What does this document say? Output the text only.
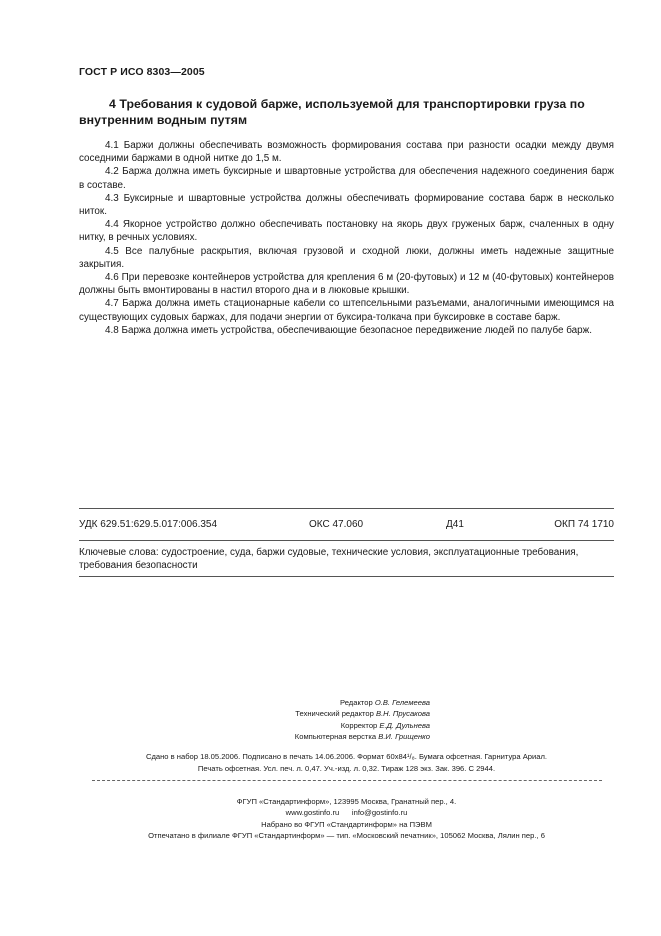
ГОСТ Р ИСО 8303—2005
4 Требования к судовой барже, используемой для транспортировки груза по внутренним водным путям

4.1 Баржи должны обеспечивать возможность формирования состава при разности осадки между двумя соседними баржами в одной нитке до 1,5 м.

4.2 Баржа должна иметь буксирные и швартовные устройства для обеспечения надежного соединения барж в составе.

4.3 Буксирные и швартовные устройства должны обеспечивать формирование состава барж в несколько ниток.

4.4 Якорное устройство должно обеспечивать постановку на якорь двух груженых барж, счаленных в одну нитку, в речных условиях.

4.5 Все палубные раскрытия, включая грузовой и сходной люки, должны иметь надежные защитные закрытия.

4.6 При перевозке контейнеров устройства для крепления 6 м (20-футовых) и 12 м (40-футовых) контейнеров должны быть вмонтированы в настил второго дна и в люковые крышки.

4.7 Баржа должна иметь стационарные кабели со штепсельными разъемами, аналогичными имеющимся на существующих судовых баржах, для подачи энергии от буксира-толкача при буксировке в составе барж.

4.8 Баржа должна иметь устройства, обеспечивающие безопасное передвижение людей по палубе барж.

УДК 629.51:629.5.017:006.354	ОКС 47.060	Д41	ОКП 74 1710
Ключевые слова: судостроение, суда, баржи судовые, технические условия, эксплуатационные требования, требования безопасности
Редактор О.В. Гелемеева
Технический редактор В.Н. Прусакова
Корректор Е.Д. Дульнева
Компьютерная верстка В.И. Грищенко
Сдано в набор 18.05.2006. Подписано в печать 14.06.2006. Формат 60x84¹/₈. Бумага офсетная. Гарнитура Ариал.
Печать офсетная. Усл. печ. л. 0,47. Уч.-изд. л. 0,32. Тираж 128 экз. Зак. 396. С 2944.
ФГУП «Стандартинформ», 123995 Москва, Гранатный пер., 4.
www.gostinfo.ru      info@gostinfo.ru
Набрано во ФГУП «Стандартинформ» на ПЭВМ
Отпечатано в филиале ФГУП «Стандартинформ» — тип. «Московский печатник», 105062 Москва, Лялин пер., 6
